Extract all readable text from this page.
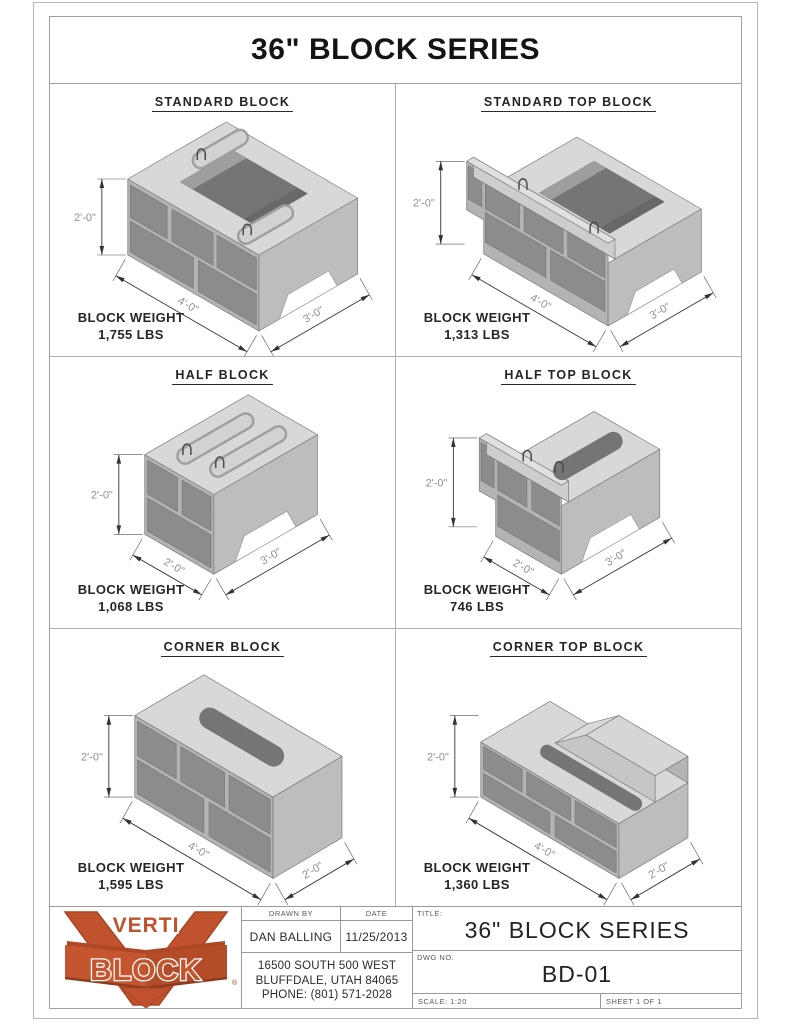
36" BLOCK SERIES
STANDARD BLOCK
2'-0"
4'-0"	3'-0"
BLOCK WEIGHT
1,755 LBS
STANDARD TOP BLOCK
2'-0"
4'-0"	3'-0"
BLOCK WEIGHT
1,313 LBS
HALF BLOCK
2'-0"
2'-0"	3'-0"
BLOCK WEIGHT
1,068 LBS
HALF TOP BLOCK
2'-0"
2'-0"	3'-0"
BLOCK WEIGHT
746 LBS
CORNER BLOCK
2'-0"
4'-0"
2'-0"
BLOCK WEIGHT
1,595 LBS
CORNER TOP BLOCK
2'-0"
4'-0"
2'-0"
BLOCK WEIGHT
1,360 LBS
VERTI
BLOCK	®
DRAWN BY	DATE
DAN BALLING	11/25/2013
16500 SOUTH 500 WEST
BLUFFDALE, UTAH 84065
PHONE: (801) 571-2028
TITLE:
36" BLOCK SERIES
DWG NO.
BD-01
SCALE: 1:20	SHEET 1 OF 1
